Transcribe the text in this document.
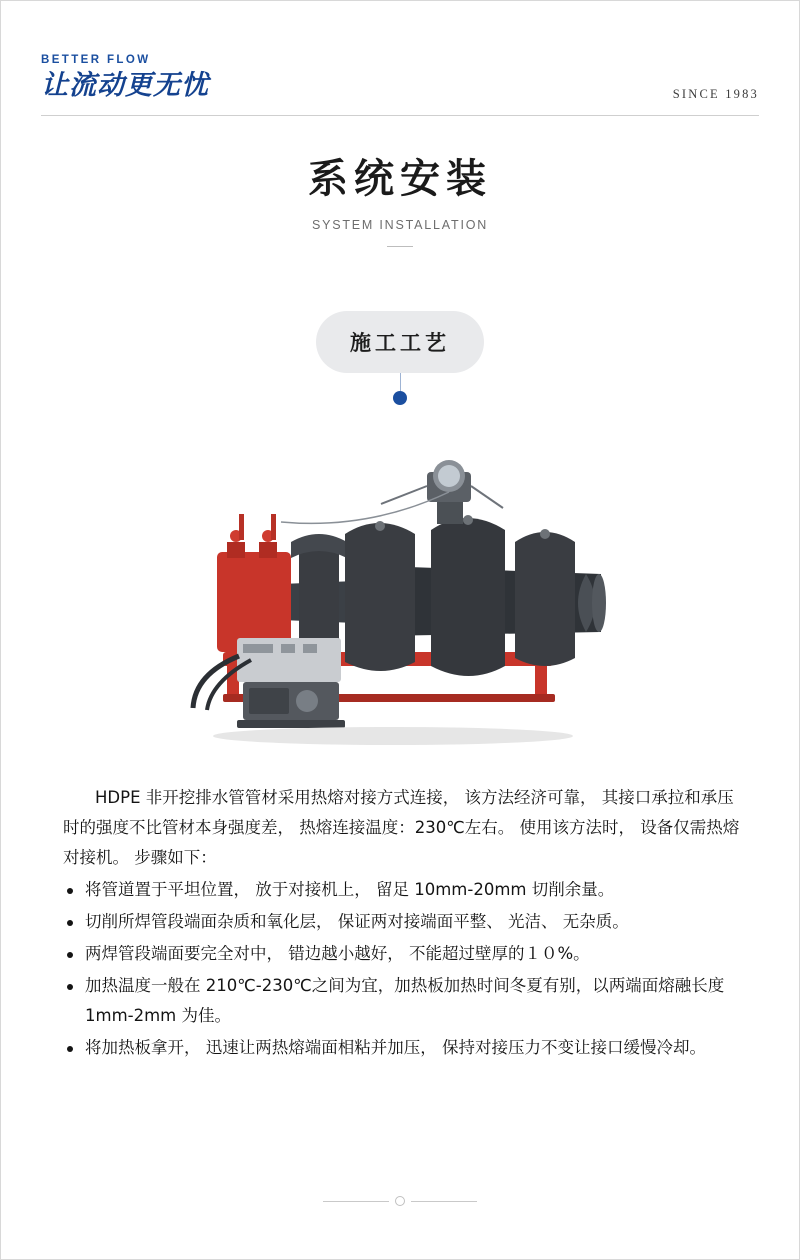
BETTER FLOW
让流动更无忧	SINCE 1983
系统安装
SYSTEM INSTALLATION
施工工艺

HDPE 非开挖排水管管材采用热熔对接方式连接， 该方法经济可靠， 其接口承拉和承压时的强度不比管材本身强度差， 热熔连接温度：230℃左右。 使用该方法时， 设备仅需热熔对接机。 步骤如下：

将管道置于平坦位置， 放于对接机上， 留足 10mm-20mm 切削余量。
切削所焊管段端面杂质和氧化层， 保证两对接端面平整、 光洁、 无杂质。
两焊管段端面要完全对中， 错边越小越好， 不能超过壁厚的１０%。
加热温度一般在 210℃-230℃之间为宜，加热板加热时间冬夏有别，以两端面熔融长度1mm-2mm 为佳。
将加热板拿开， 迅速让两热熔端面相粘并加压， 保持对接压力不变让接口缓慢冷却。
